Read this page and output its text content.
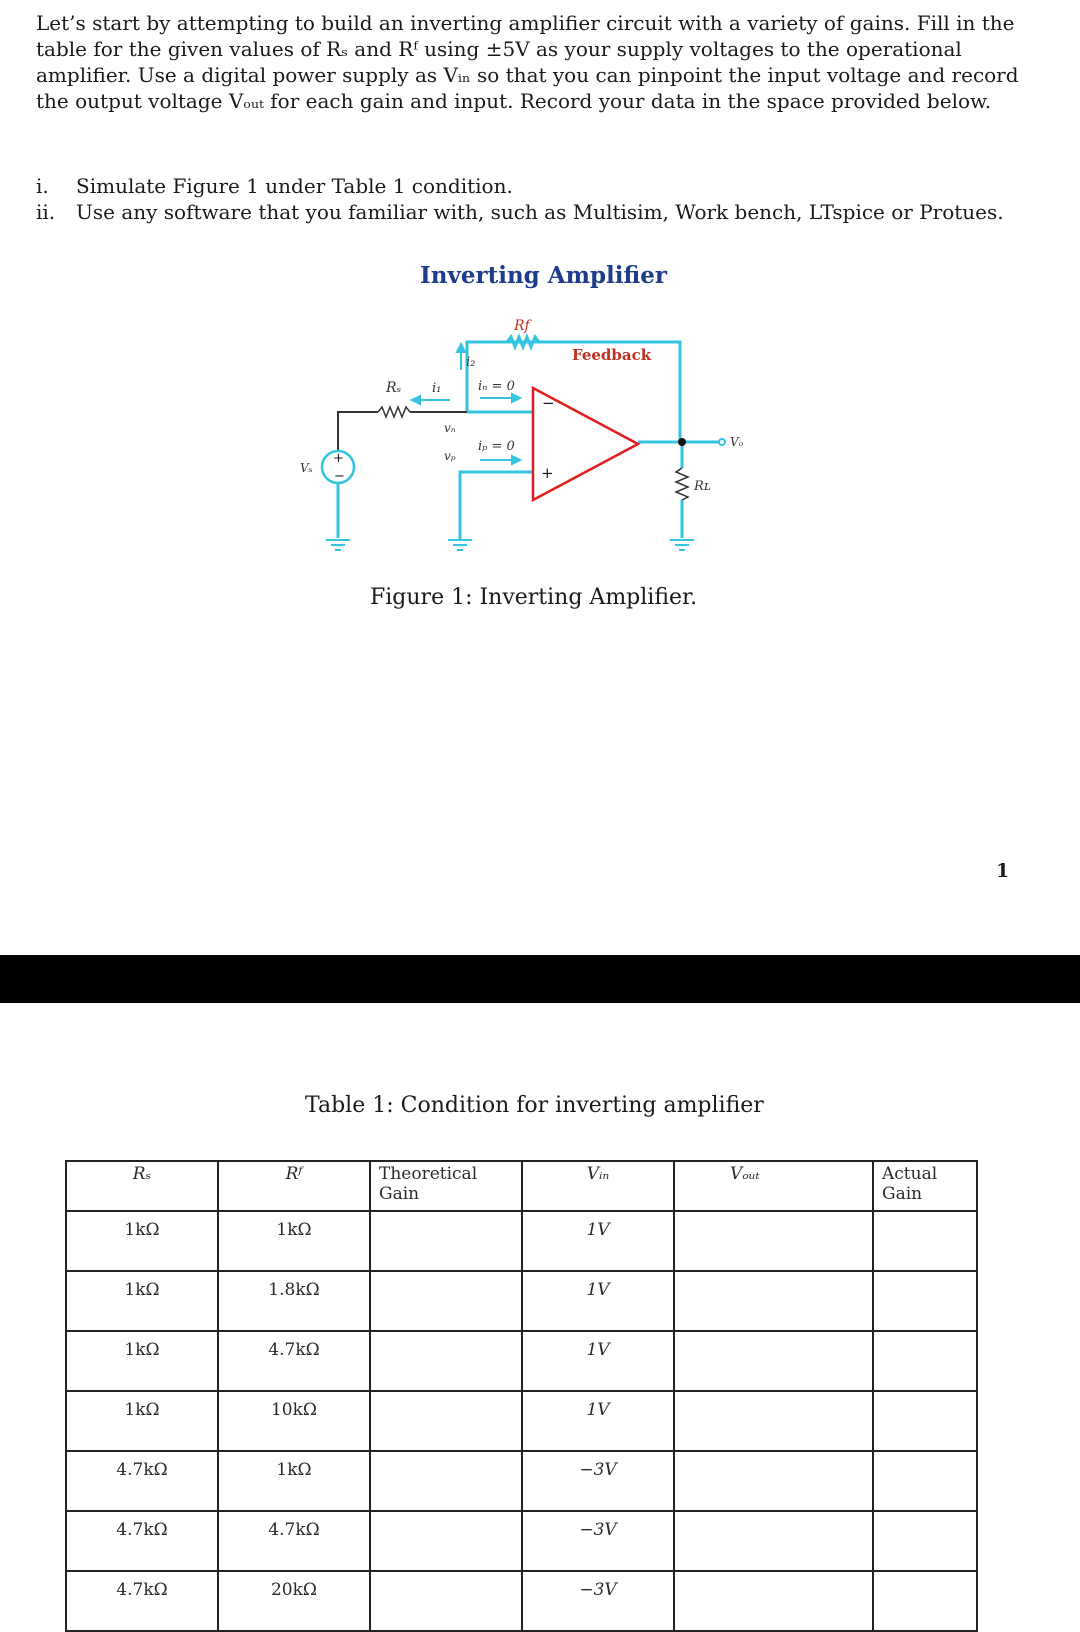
Let’s start by attempting to build an inverting amplifier circuit with a variety of gains. Fill in the table for the given values of Rₛ and Rᶠ using ±5V as your supply voltages to the operational amplifier. Use a digital power supply as Vᵢₙ so that you can pinpoint the input voltage and record the output voltage Vₒᵤₜ for each gain and input. Record your data in the space provided below.

i.	Simulate Figure 1 under Table 1 condition.
ii.	Use any software that you familiar with, such as Multisim, Work bench, LTspice or Protues.
Inverting Amplifier
Rf
Feedback
i₂
Rₛ i₁	iₙ = 0
vₙ
vₚ
iₚ = 0
Vₛ
+
−
−
+
Vₒ
Rʟ
Figure 1: Inverting Amplifier.
1
Table 1: Condition for inverting amplifier
Rₛ	Rᶠ	Theoretical Gain	Vᵢₙ	Vₒᵤₜ	Actual Gain
1kΩ	1kΩ		1V		
1kΩ	1.8kΩ		1V		
1kΩ	4.7kΩ		1V		
1kΩ	10kΩ		1V		
4.7kΩ	1kΩ		−3V		
4.7kΩ	4.7kΩ		−3V		
4.7kΩ	20kΩ		−3V		
